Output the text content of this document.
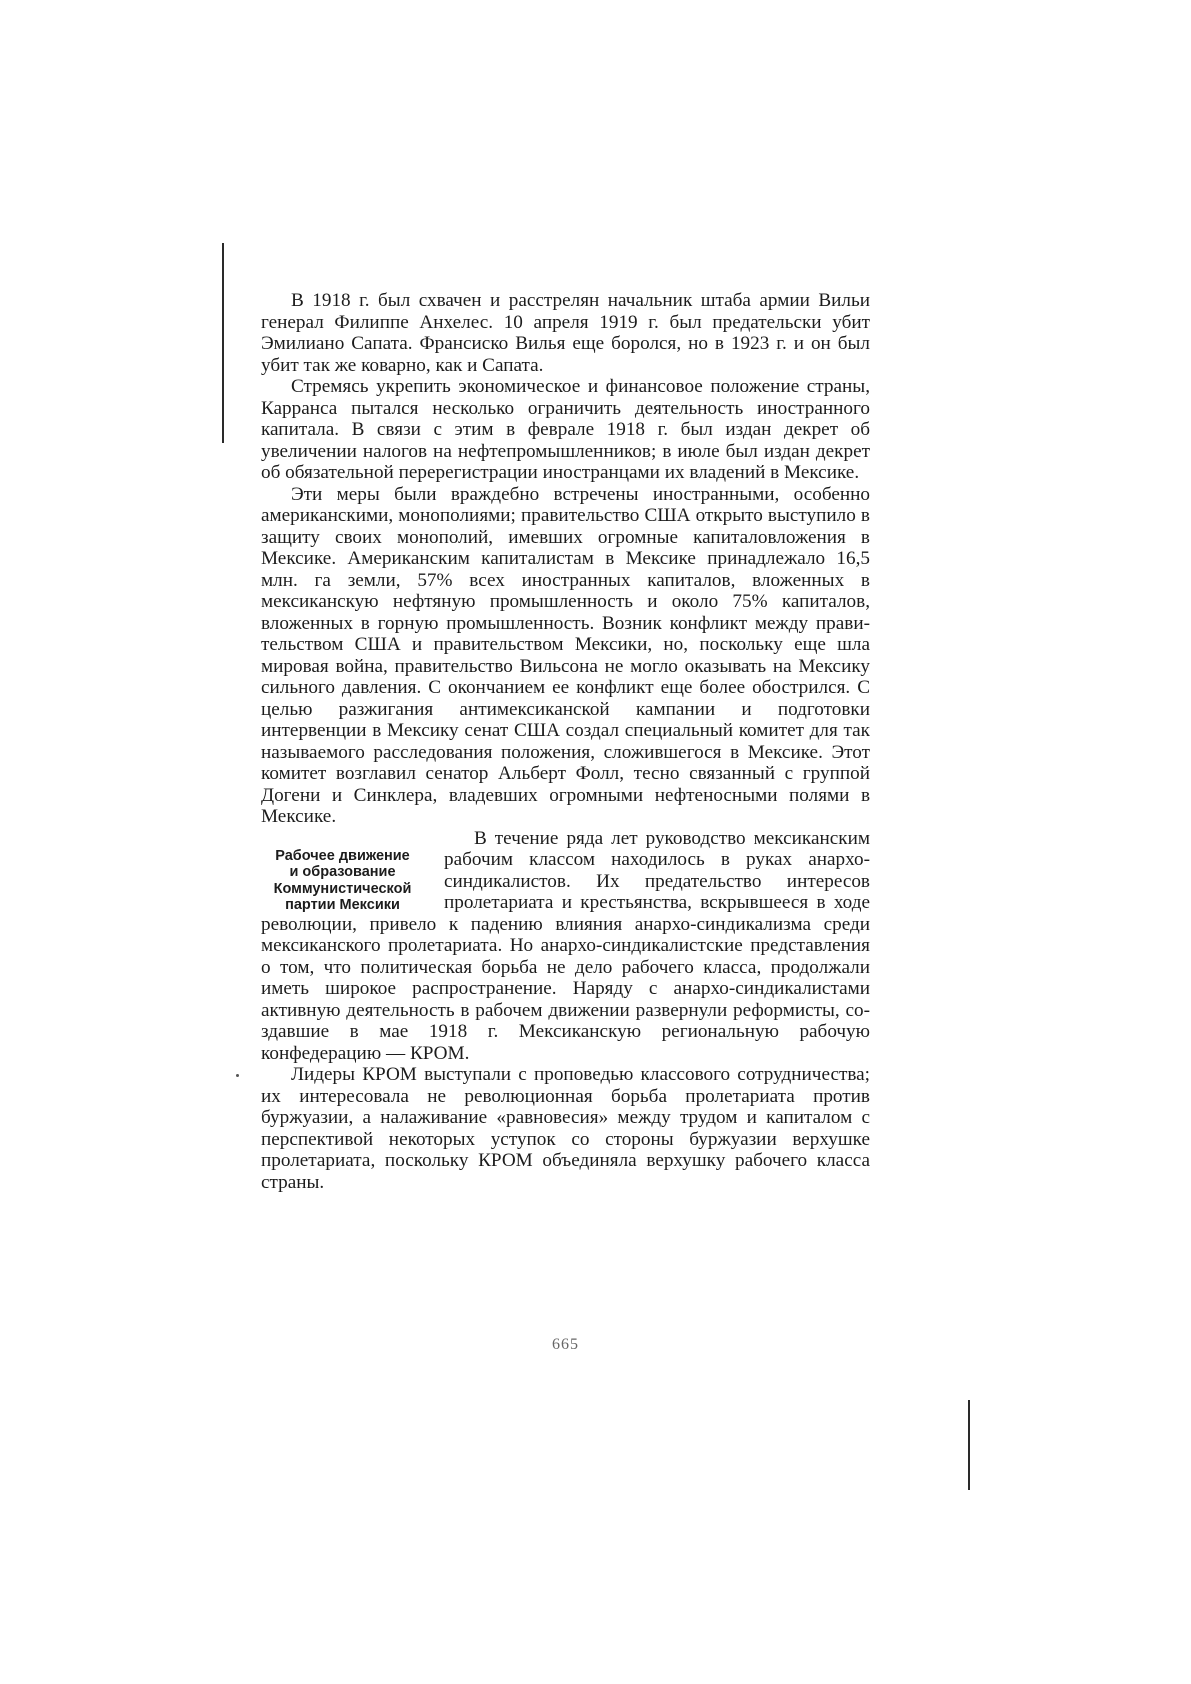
В 1918 г. был схвачен и расстрелян начальник штаба армии Вильи генерал Филиппе Анхелес. 10 апреля 1919 г. был предательски убит Эмилиано Сапата. Франсиско Вилья еще боролся, но в 1923 г. и он был убит так же коварно, как и Сапата.

Стремясь укрепить экономическое и финансовое положение страны, Карранса пытался несколько ограничить деятельность иностранного капитала. В связи с этим в феврале 1918 г. был издан декрет об увеличении налогов на нефтепромышленников; в июле был издан декрет об обязательной перерегистрации иностранцами их владений в Мексике.

Эти меры были враждебно встречены иностранными, особенно американскими, монополиями; правительство США открыто выступило в защиту своих монополий, имевших огромные капиталовложения в Мексике. Американским капиталистам в Мексике принадлежало 16,5 млн. га земли, 57% всех иностранных капиталов, вложенных в мексиканскую нефтяную промышленность и около 75% капиталов, вложенных в горную промышленность. Возник конфликт между правительством США и правительством Мексики, но, поскольку еще шла мировая война, правительство Вильсона не могло оказывать на Мексику сильного давления. С окончанием ее конфликт еще более обострился. С целью разжигания антимексиканской кампании и подготовки интервенции в Мексику сенат США создал специальный комитет для так называемого расследования положения, сложившегося в Мексике. Этот комитет возглавил сенатор Альберт Фолл, тесно связанный с группой Догени и Синклера, владевших огромными нефтеносными полями в Мексике.

Рабочее движение
и образование
Коммунистической
партии Мексики

В течение ряда лет руководство мексиканским рабочим классом находилось в руках анархо-синдикалистов. Их предательство интересов пролетариата и крестьянства, вскрывшееся в ходе революции, привело к падению влияния анархо-синдикализма среди мексиканского пролетариата. Но анархо-синдикалистские представления о том, что политическая борьба не дело рабочего класса, продолжали иметь широкое распространение. Наряду с анархо-синдикалистами активную деятельность в рабочем движении развернули реформисты, создавшие в мае 1918 г. Мексиканскую региональную рабочую конфедерацию — КРОМ.

Лидеры КРОМ выступали с проповедью классового сотрудничества; их интересовала не революционная борьба пролетариата против буржуазии, а налаживание «равновесия» между трудом и капиталом с перспективой некоторых уступок со стороны буржуазии верхушке пролетариата, поскольку КРОМ объединяла верхушку рабочего класса страны.

665
